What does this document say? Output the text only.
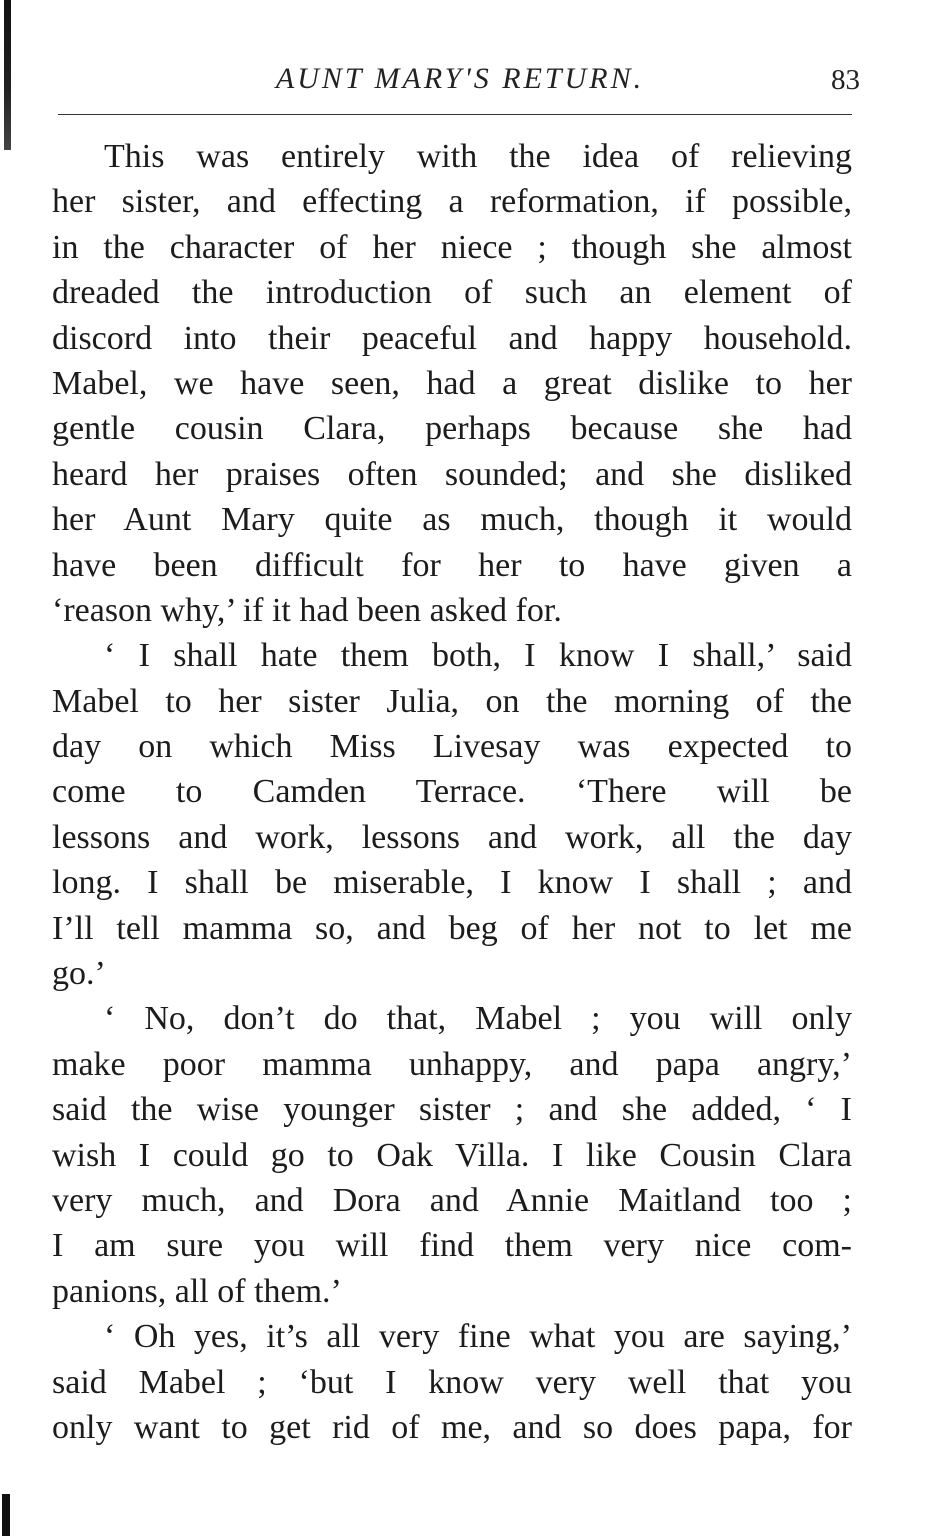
AUNT MARY'S RETURN.	83
This was entirely with the idea of relieving
her sister, and effecting a reformation, if possible,
in the character of her niece ; though she almost
dreaded the introduction of such an element of
discord into their peaceful and happy household.
Mabel, we have seen, had a great dislike to her
gentle cousin Clara, perhaps because she had
heard her praises often sounded; and she disliked
her Aunt Mary quite as much, though it would
have been difficult for her to have given a
‘reason why,’ if it had been asked for.
‘ I shall hate them both, I know I shall,’ said
Mabel to her sister Julia, on the morning of the
day on which Miss Livesay was expected to
come to Camden Terrace. ‘There will be
lessons and work, lessons and work, all the day
long. I shall be miserable, I know I shall ; and
I’ll tell mamma so, and beg of her not to let me
go.’
‘ No, don’t do that, Mabel ; you will only
make poor mamma unhappy, and papa angry,’
said the wise younger sister ; and she added, ‘ I
wish I could go to Oak Villa. I like Cousin Clara
very much, and Dora and Annie Maitland too ;
I am sure you will find them very nice com-
panions, all of them.’
‘ Oh yes, it’s all very fine what you are saying,’
said Mabel ; ‘but I know very well that you
only want to get rid of me, and so does papa, for
